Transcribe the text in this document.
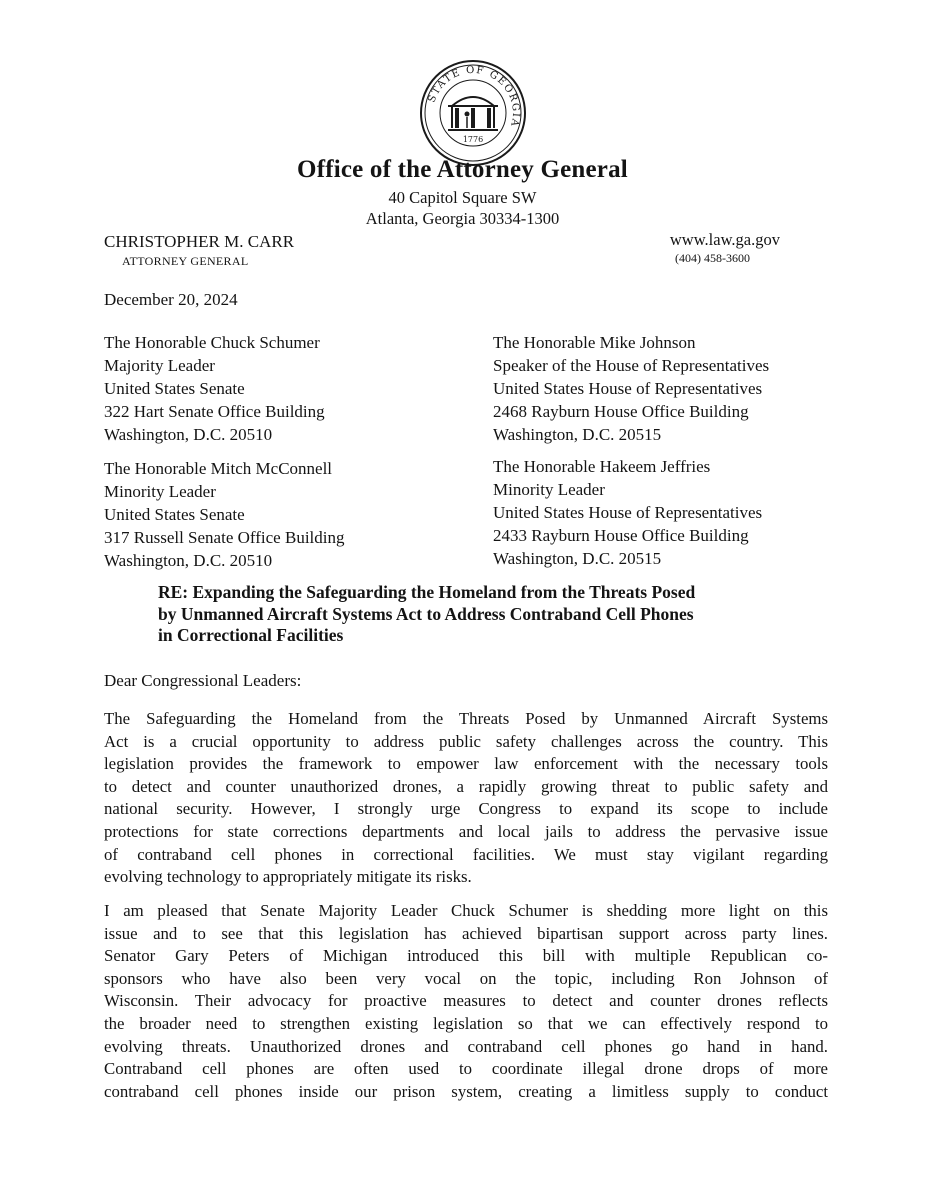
STATE OF GEORGIA
1776
Office of the Attorney General
40 Capitol Square SW
Atlanta, Georgia 30334-1300
CHRISTOPHER M. CARR
ATTORNEY GENERAL
www.law.ga.gov
(404) 458-3600
December 20, 2024
The Honorable Chuck Schumer
Majority Leader
United States Senate
322 Hart Senate Office Building
Washington, D.C. 20510
The Honorable Mike Johnson
Speaker of the House of Representatives
United States House of Representatives
2468 Rayburn House Office Building
Washington, D.C. 20515
The Honorable Mitch McConnell
Minority Leader
United States Senate
317 Russell Senate Office Building
Washington, D.C. 20510
The Honorable Hakeem Jeffries
Minority Leader
United States House of Representatives
2433 Rayburn House Office Building
Washington, D.C. 20515
RE: Expanding the Safeguarding the Homeland from the Threats Posed
by Unmanned Aircraft Systems Act to Address Contraband Cell Phones
in Correctional Facilities
Dear Congressional Leaders:
The Safeguarding the Homeland from the Threats Posed by Unmanned Aircraft Systems
Act is a crucial opportunity to address public safety challenges across the country. This
legislation provides the framework to empower law enforcement with the necessary tools
to detect and counter unauthorized drones, a rapidly growing threat to public safety and
national security. However, I strongly urge Congress to expand its scope to include
protections for state corrections departments and local jails to address the pervasive issue
of contraband cell phones in correctional facilities. We must stay vigilant regarding
evolving technology to appropriately mitigate its risks.
I am pleased that Senate Majority Leader Chuck Schumer is shedding more light on this
issue and to see that this legislation has achieved bipartisan support across party lines.
Senator Gary Peters of Michigan introduced this bill with multiple Republican co-
sponsors who have also been very vocal on the topic, including Ron Johnson of
Wisconsin. Their advocacy for proactive measures to detect and counter drones reflects
the broader need to strengthen existing legislation so that we can effectively respond to
evolving threats. Unauthorized drones and contraband cell phones go hand in hand.
Contraband cell phones are often used to coordinate illegal drone drops of more
contraband cell phones inside our prison system, creating a limitless supply to conduct
